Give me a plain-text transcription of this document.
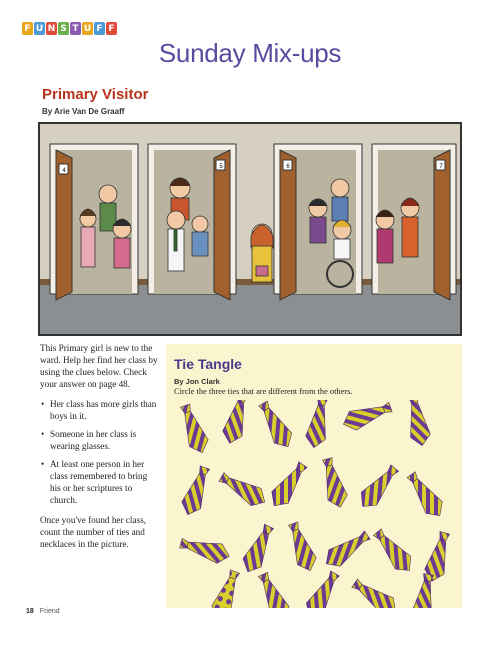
F U N S T U F F
Sunday Mix-ups
Primary Visitor
By Arie Van De Graaff
4
5	6	7

This Primary girl is new to the ward. Help her find her class by using the clues below. Check your answer on page 48.

• Her class has more girls than boys in it.
• Someone in her class is wearing glasses.
• At least one person in her class remembered to bring his or her scriptures to church.

Once you've found her class, count the number of ties and necklaces in the picture.

Tie Tangle
By Jon Clark
Circle the three ties that are different from the others.
18 Friend
